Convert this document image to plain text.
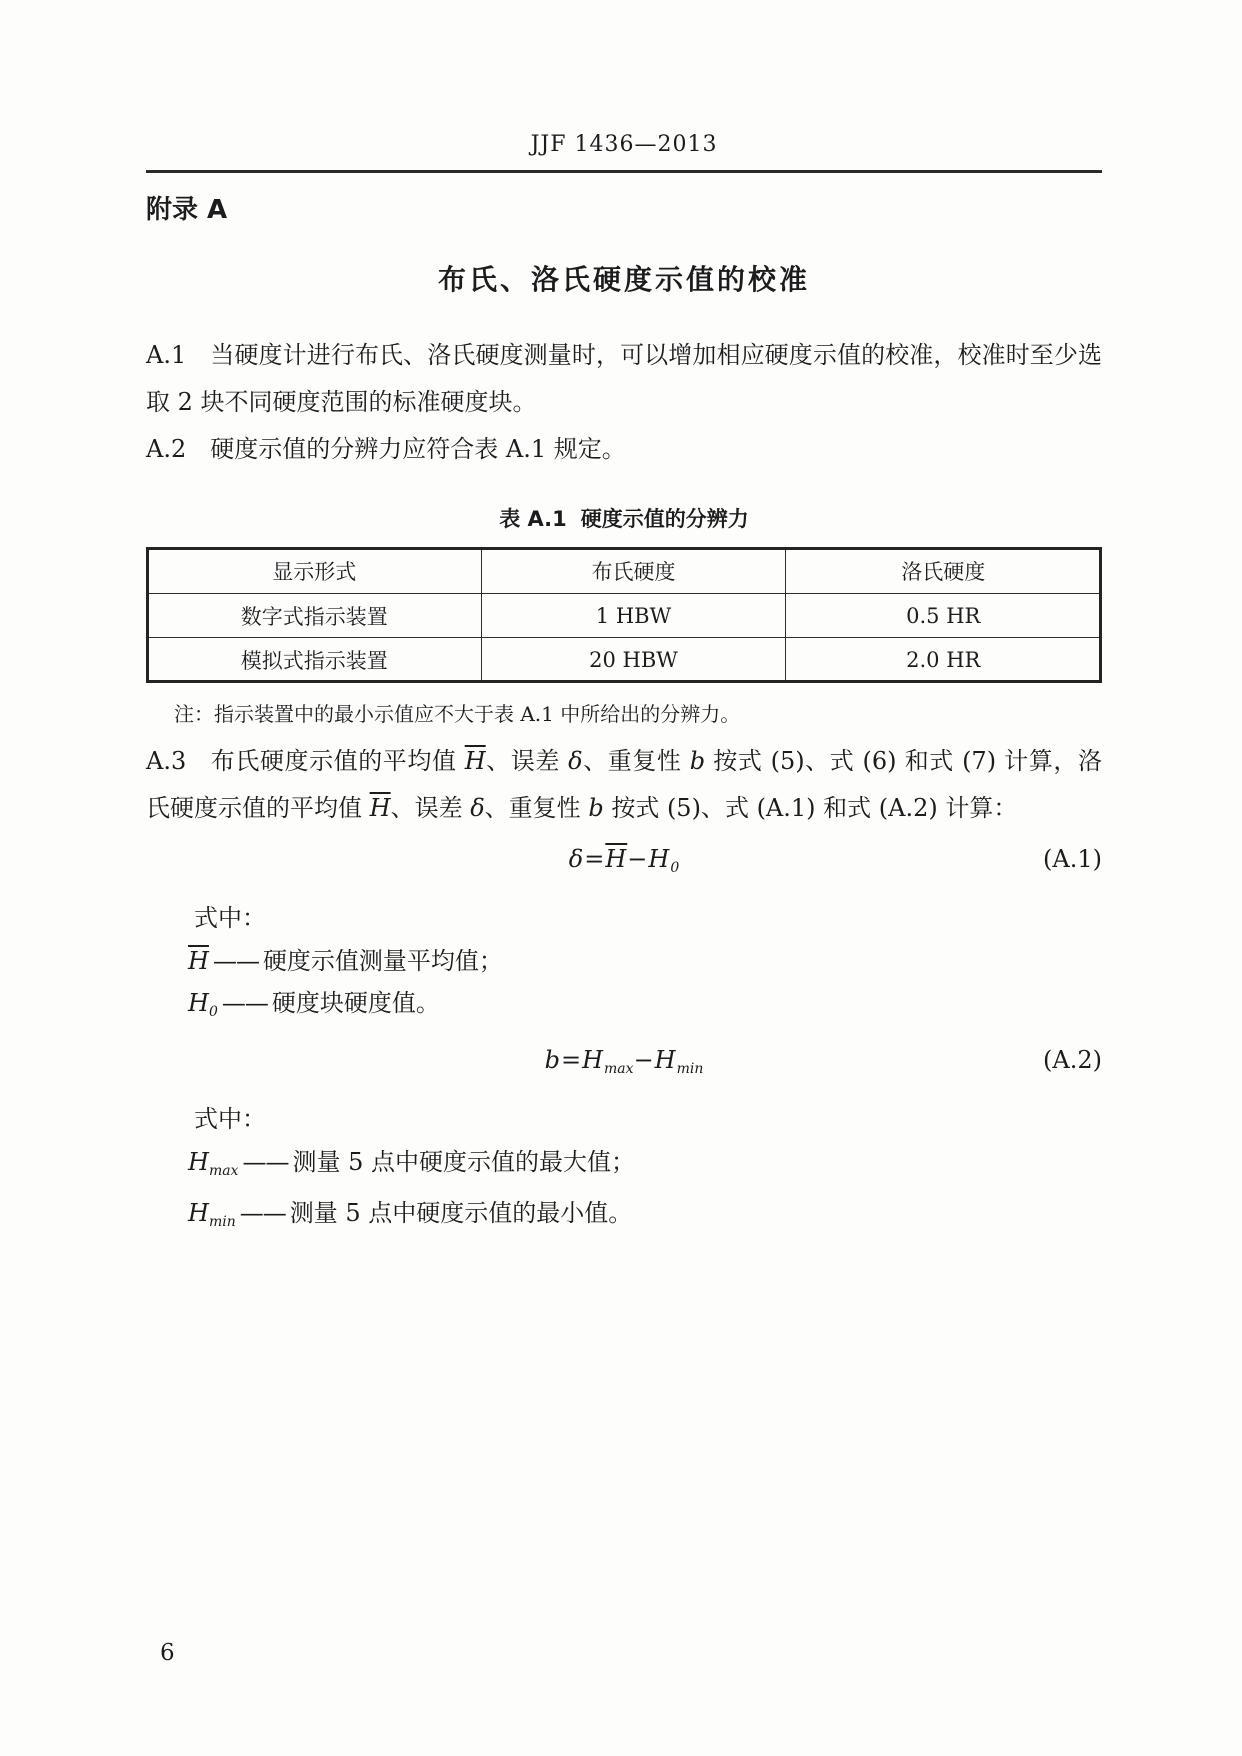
JJF 1436—2013
附录 A
布氏、洛氏硬度示值的校准

A.1 当硬度计进行布氏、洛氏硬度测量时，可以增加相应硬度示值的校准，校准时至少选取 2 块不同硬度范围的标准硬度块。

A.2 硬度示值的分辨力应符合表 A.1 规定。

表 A.1 硬度示值的分辨力
显示形式	布氏硬度	洛氏硬度
数字式指示装置	1 HBW	0.5 HR
模拟式指示装置	20 HBW	2.0 HR

注：指示装置中的最小示值应不大于表 A.1 中所给出的分辨力。

A.3 布氏硬度示值的平均值 $\overline{H}$、误差 δ、重复性 b 按式 (5)、式 (6) 和式 (7) 计算，洛氏硬度示值的平均值 $\overline{H}$、误差 δ、重复性 b 按式 (5)、式 (A.1) 和式 (A.2) 计算：

$\delta=\overline{H}-H_0$	(A.1)

式中：

$\overline{H}$ —— 硬度示值测量平均值；
$H_0$ —— 硬度块硬度值。
$b=H_{max}-H_{min}$	(A.2)

式中：

$H_{max}$ —— 测量 5 点中硬度示值的最大值；
$H_{min}$ —— 测量 5 点中硬度示值的最小值。
6
